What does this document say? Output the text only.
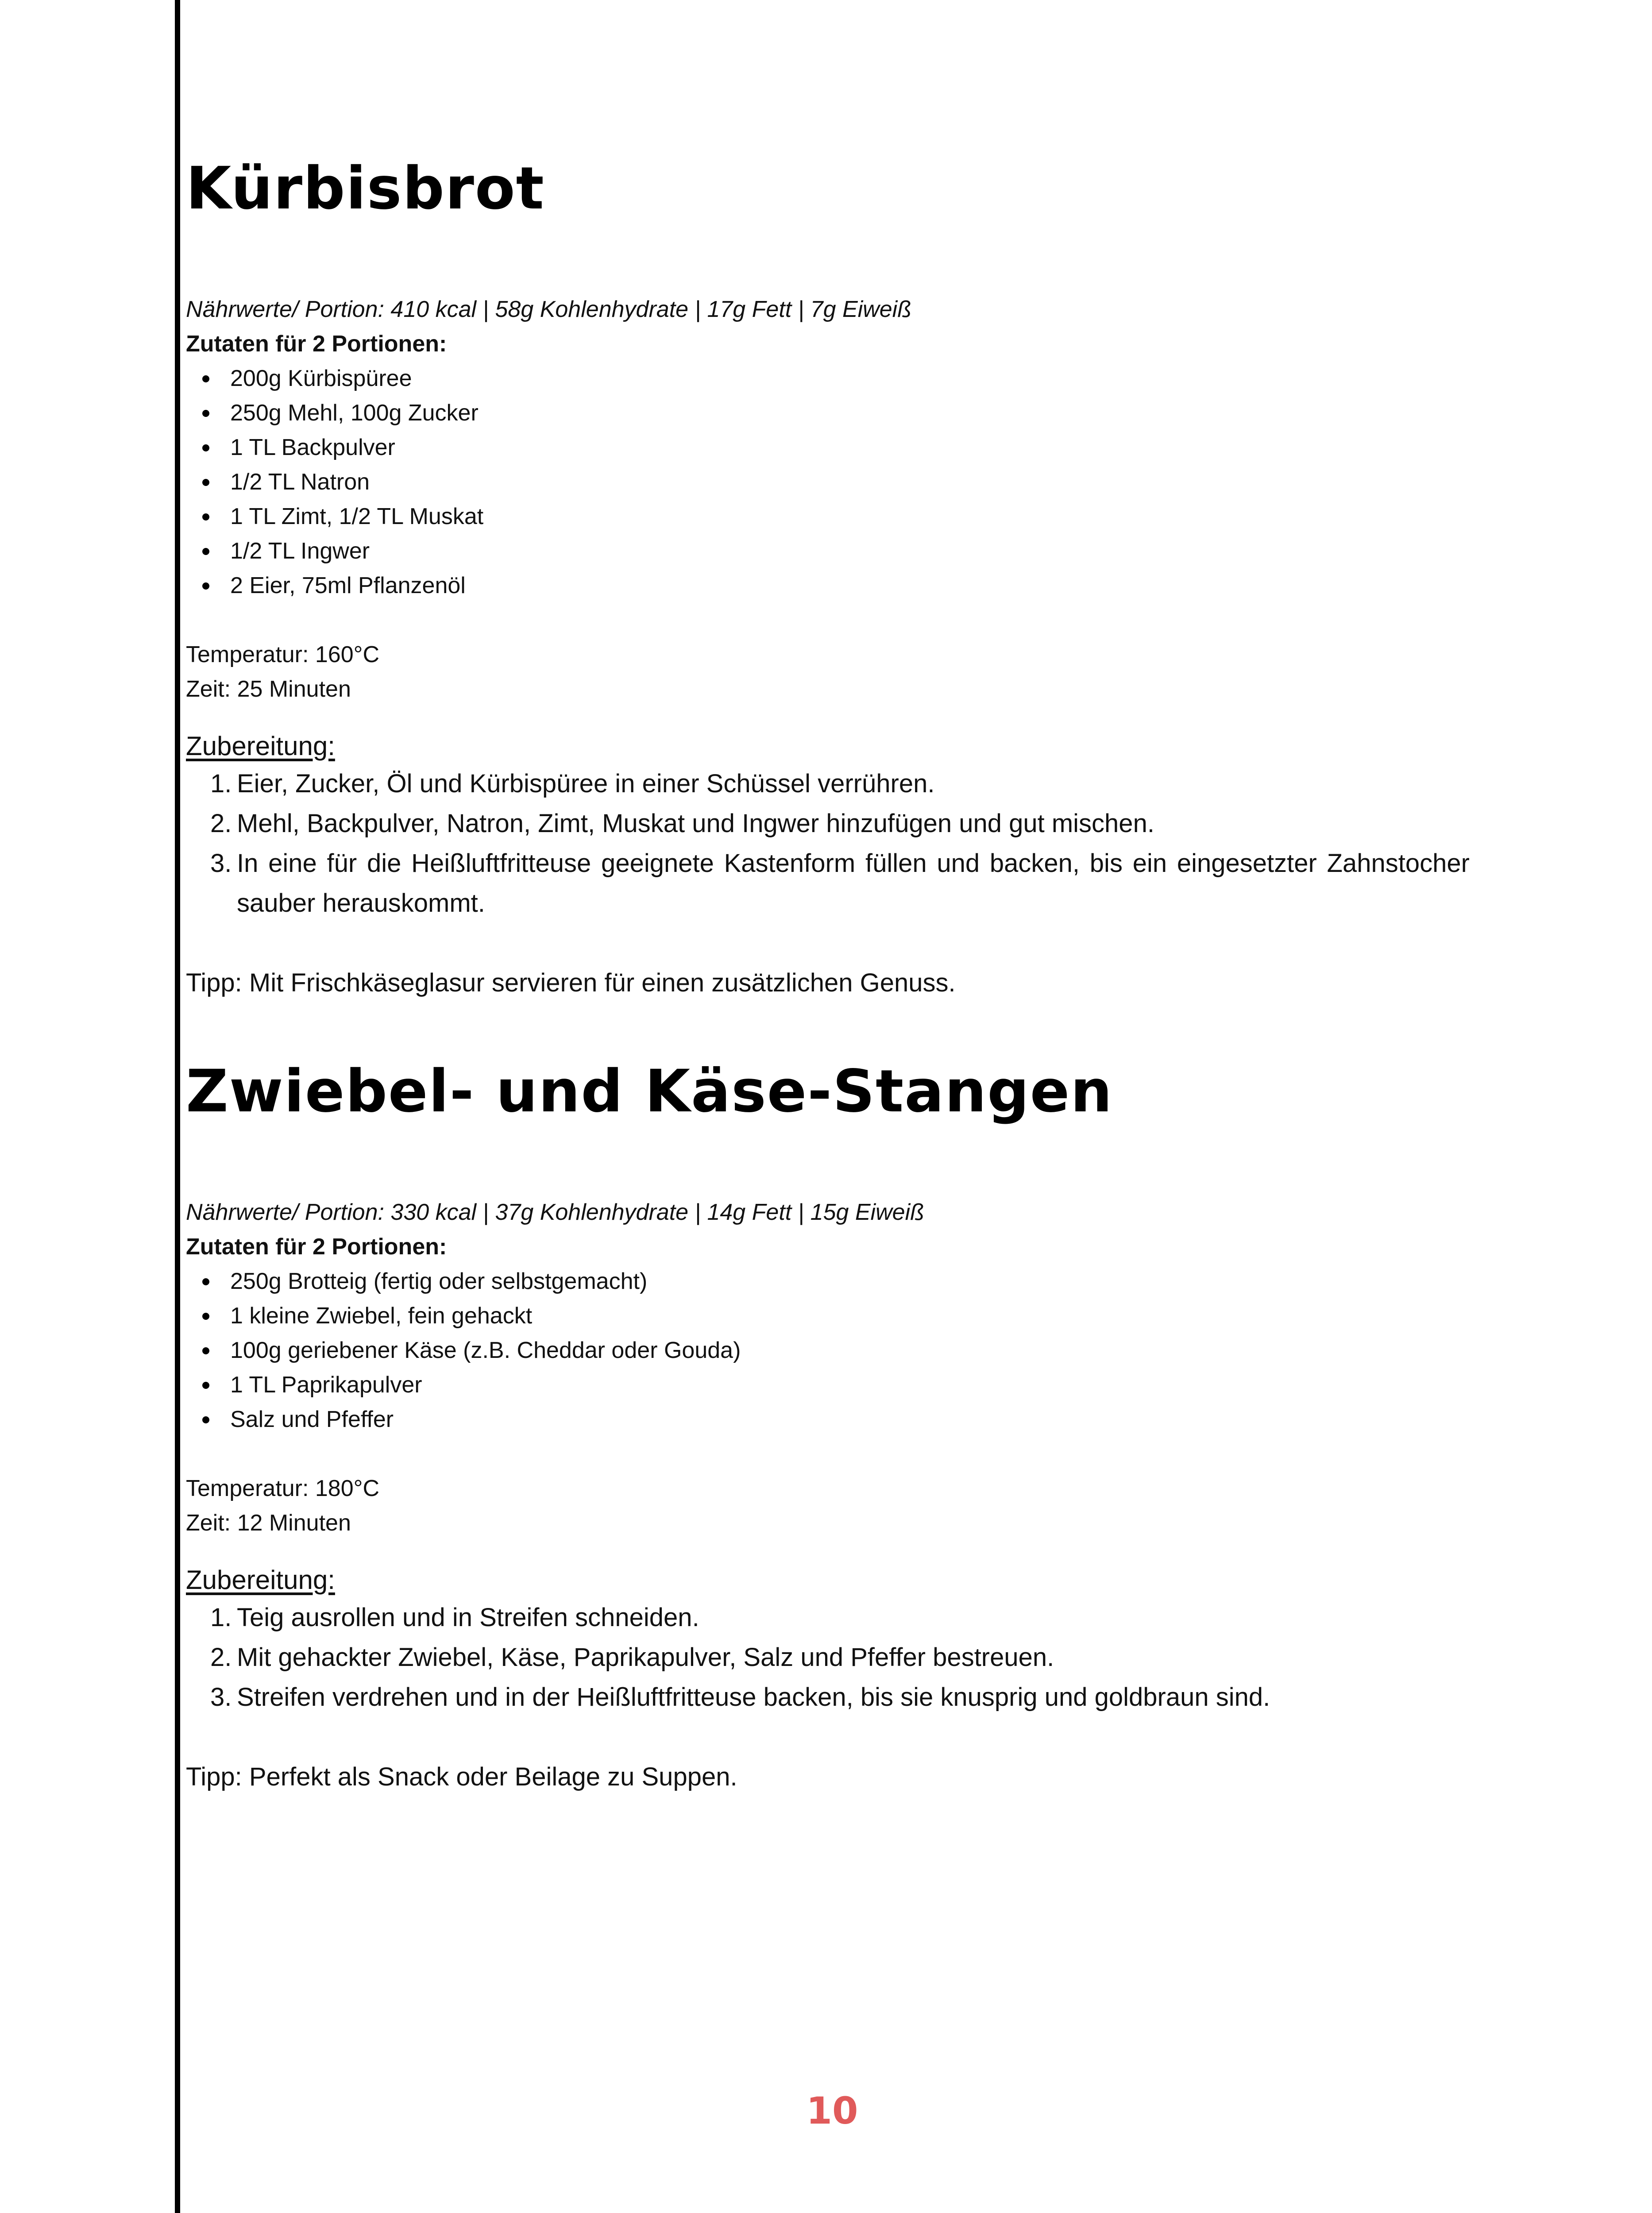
Kürbisbrot

Nährwerte/ Portion: 410 kcal | 58g Kohlenhydrate | 17g Fett | 7g Eiweiß

Zutaten für 2 Portionen:

200g Kürbispüree
250g Mehl, 100g Zucker
1 TL Backpulver
1/2 TL Natron
1 TL Zimt, 1/2 TL Muskat
1/2 TL Ingwer
2 Eier, 75ml Pflanzenöl

Temperatur: 160°C

Zeit: 25 Minuten

Zubereitung:

1. Eier, Zucker, Öl und Kürbispüree in einer Schüssel verrühren.
2. Mehl, Backpulver, Natron, Zimt, Muskat und Ingwer hinzufügen und gut mischen.
3. In eine für die Heißluftfritteuse geeignete Kastenform füllen und backen, bis ein eingesetzter Zahnstocher sauber herauskommt.

Tipp: Mit Frischkäseglasur servieren für einen zusätzlichen Genuss.

Zwiebel- und Käse-Stangen

Nährwerte/ Portion: 330 kcal | 37g Kohlenhydrate | 14g Fett | 15g Eiweiß

Zutaten für 2 Portionen:

250g Brotteig (fertig oder selbstgemacht)
1 kleine Zwiebel, fein gehackt
100g geriebener Käse (z.B. Cheddar oder Gouda)
1 TL Paprikapulver
Salz und Pfeffer

Temperatur: 180°C

Zeit: 12 Minuten

Zubereitung:

1. Teig ausrollen und in Streifen schneiden.
2. Mit gehackter Zwiebel, Käse, Paprikapulver, Salz und Pfeffer bestreuen.
3. Streifen verdrehen und in der Heißluftfritteuse backen, bis sie knusprig und goldbraun sind.

Tipp: Perfekt als Snack oder Beilage zu Suppen.

10
